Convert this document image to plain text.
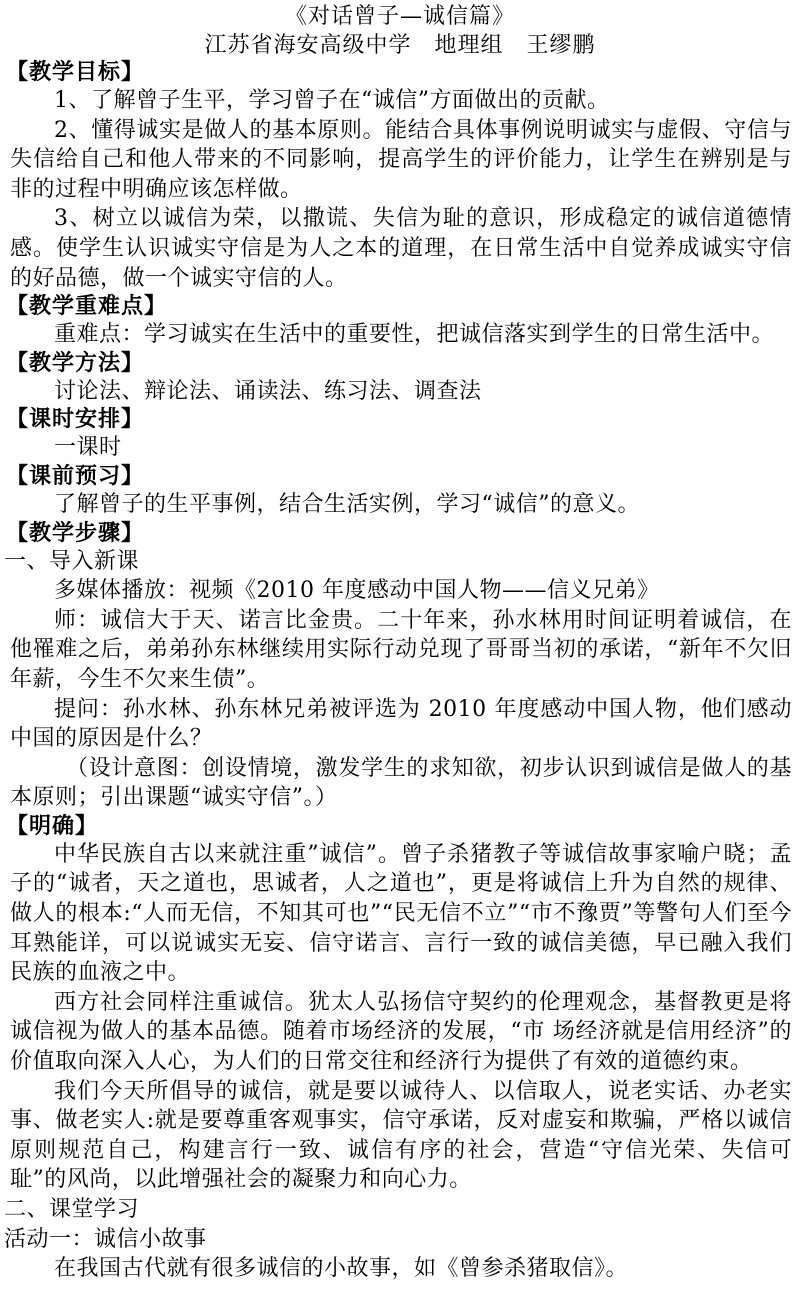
《对话曾子—诚信篇》
江苏省海安高级中学　地理组　王缪鹏
【教学目标】

1、了解曾子生平，学习曾子在“诚信”方面做出的贡献。

2、懂得诚实是做人的基本原则。能结合具体事例说明诚实与虚假、守信与失信给自己和他人带来的不同影响，提高学生的评价能力，让学生在辨别是与非的过程中明确应该怎样做。

3、树立以诚信为荣，以撒谎、失信为耻的意识，形成稳定的诚信道德情感。使学生认识诚实守信是为人之本的道理，在日常生活中自觉养成诚实守信的好品德，做一个诚实守信的人。

【教学重难点】

重难点：学习诚实在生活中的重要性，把诚信落实到学生的日常生活中。

【教学方法】

讨论法、辩论法、诵读法、练习法、调查法

【课时安排】

一课时

【课前预习】

了解曾子的生平事例，结合生活实例，学习“诚信”的意义。

【教学步骤】
一、导入新课

多媒体播放：视频《2010 年度感动中国人物——信义兄弟》

师：诚信大于天、诺言比金贵。二十年来，孙水林用时间证明着诚信，在他罹难之后，弟弟孙东林继续用实际行动兑现了哥哥当初的承诺，“新年不欠旧年薪，今生不欠来生债”。

提问：孙水林、孙东林兄弟被评选为 2010 年度感动中国人物，他们感动中国的原因是什么？

（设计意图：创设情境，激发学生的求知欲，初步认识到诚信是做人的基本原则；引出课题“诚实守信”。）

【明确】

中华民族自古以来就注重”诚信”。曾子杀猪教子等诚信故事家喻户晓；孟子的“诚者，天之道也，思诚者，人之道也”，更是将诚信上升为自然的规律、做人的根本:“人而无信，不知其可也”“民无信不立”“市不豫贾”等警句人们至今耳熟能详，可以说诚实无妄、信守诺言、言行一致的诚信美德，早已融入我们民族的血液之中。

西方社会同样注重诚信。犹太人弘扬信守契约的伦理观念，基督教更是将诚信视为做人的基本品德。随着市场经济的发展，“市 场经济就是信用经济”的价值取向深入人心，为人们的日常交往和经济行为提供了有效的道德约束。

我们今天所倡导的诚信，就是要以诚待人、以信取人，说老实话、办老实事、做老实人:就是要尊重客观事实，信守承诺，反对虚妄和欺骗，严格以诚信原则规范自己，构建言行一致、诚信有序的社会，营造“守信光荣、失信可耻”的风尚，以此增强社会的凝聚力和向心力。

二、课堂学习
活动一：诚信小故事

在我国古代就有很多诚信的小故事，如《曾参杀猪取信》。
